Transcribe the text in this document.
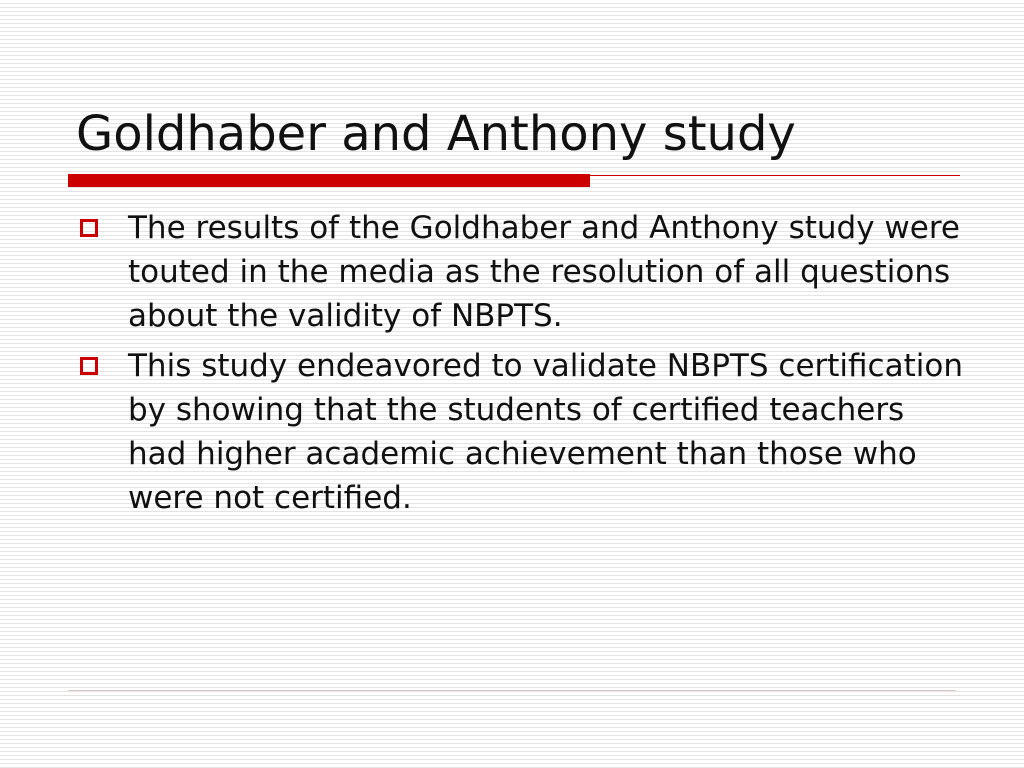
Goldhaber and Anthony study
The results of the Goldhaber and Anthony study were touted in the media as the resolution of all questions about the validity of NBPTS.
This study endeavored to validate NBPTS certification by showing that the students of certified teachers had higher academic achievement than those who were not certified.
